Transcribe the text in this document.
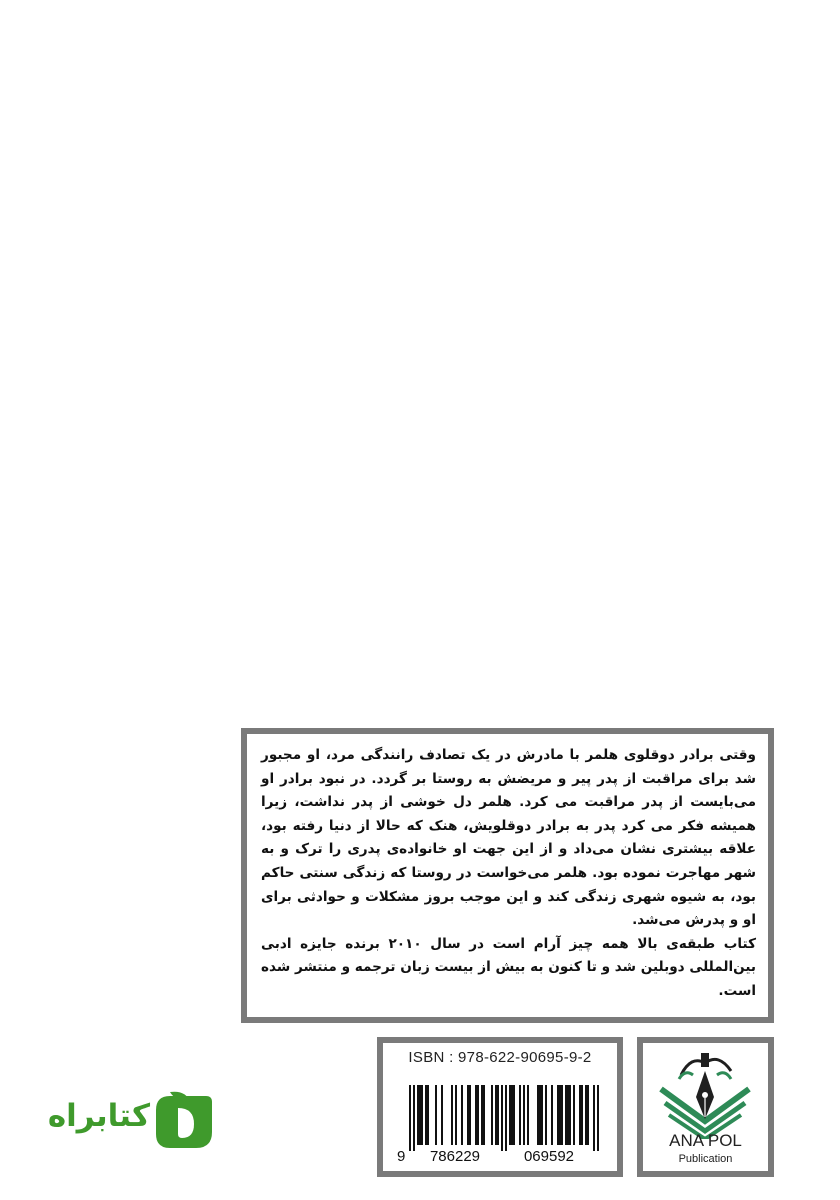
وقتی برادر دوقلوی هلمر با مادرش در یک تصادف رانندگی مرد، او مجبور شد برای مراقبت از پدر پیر و مریضش به روستا بر گردد. در نبود برادر او می‌بایست از پدر مراقبت می کرد. هلمر دل خوشی از پدر نداشت، زیرا همیشه فکر می کرد پدر به برادر دوقلویش، هنک که حالا از دنیا رفته بود، علاقه بیشتری نشان می‌داد و از این جهت او خانواده‌ی پدری را ترک و به شهر مهاجرت نموده بود. هلمر می‌خواست در روستا که زندگی سنتی حاکم بود، به شیوه شهری زندگی کند و این موجب بروز مشکلات و حوادثی برای او و پدرش می‌شد.

کتاب طبقه‌ی بالا همه چیز آرام است در سال ۲۰۱۰ برنده جایزه ادبی بین‌المللی دوبلین شد و تا کنون به بیش از بیست زبان ترجمه و منتشر شده است.

ISBN : 978-622-90695-9-2
9 786229	069592
ANA POL
Publication
کتابراه
